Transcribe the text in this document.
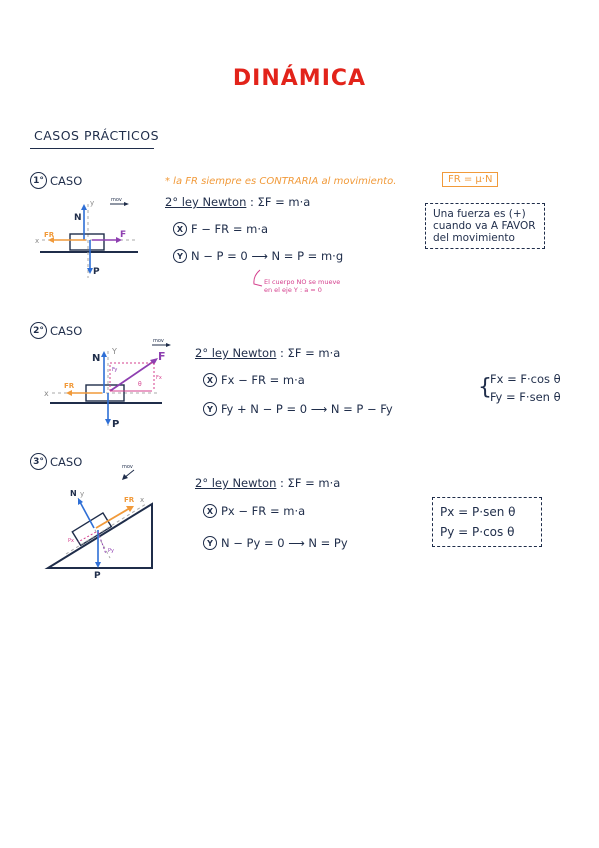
DINÁMICA
CASOS PRÁCTICOS
1° CASO	* la FR siempre es CONTRARIA al movimiento.	FR = μ·N
mov
N
P
F
FR
x
y	2° ley Newton : ΣF = m·a
X F − FR = m·a
Y N − P = 0 ⟶ N = P = m·g
El cuerpo NO se mueve
en el eje Y : a = 0
Una fuerza es (+)
cuando va A FAVOR
del movimiento
2° CASO
mov
N
P
F
FR
x
Y
Fy
Fx
θ
2° ley Newton : ΣF = m·a
X Fx − FR = m·a
Y Fy + N − P = 0 ⟶ N = P − Fy
{
Fx = F·cos θ
Fy = F·sen θ
3° CASO	mov
N
P
FR x
y
Px
Py
2° ley Newton : ΣF = m·a
X Px − FR = m·a
Y N − Py = 0 ⟶ N = Py
Px = P·sen θ
Py = P·cos θ
